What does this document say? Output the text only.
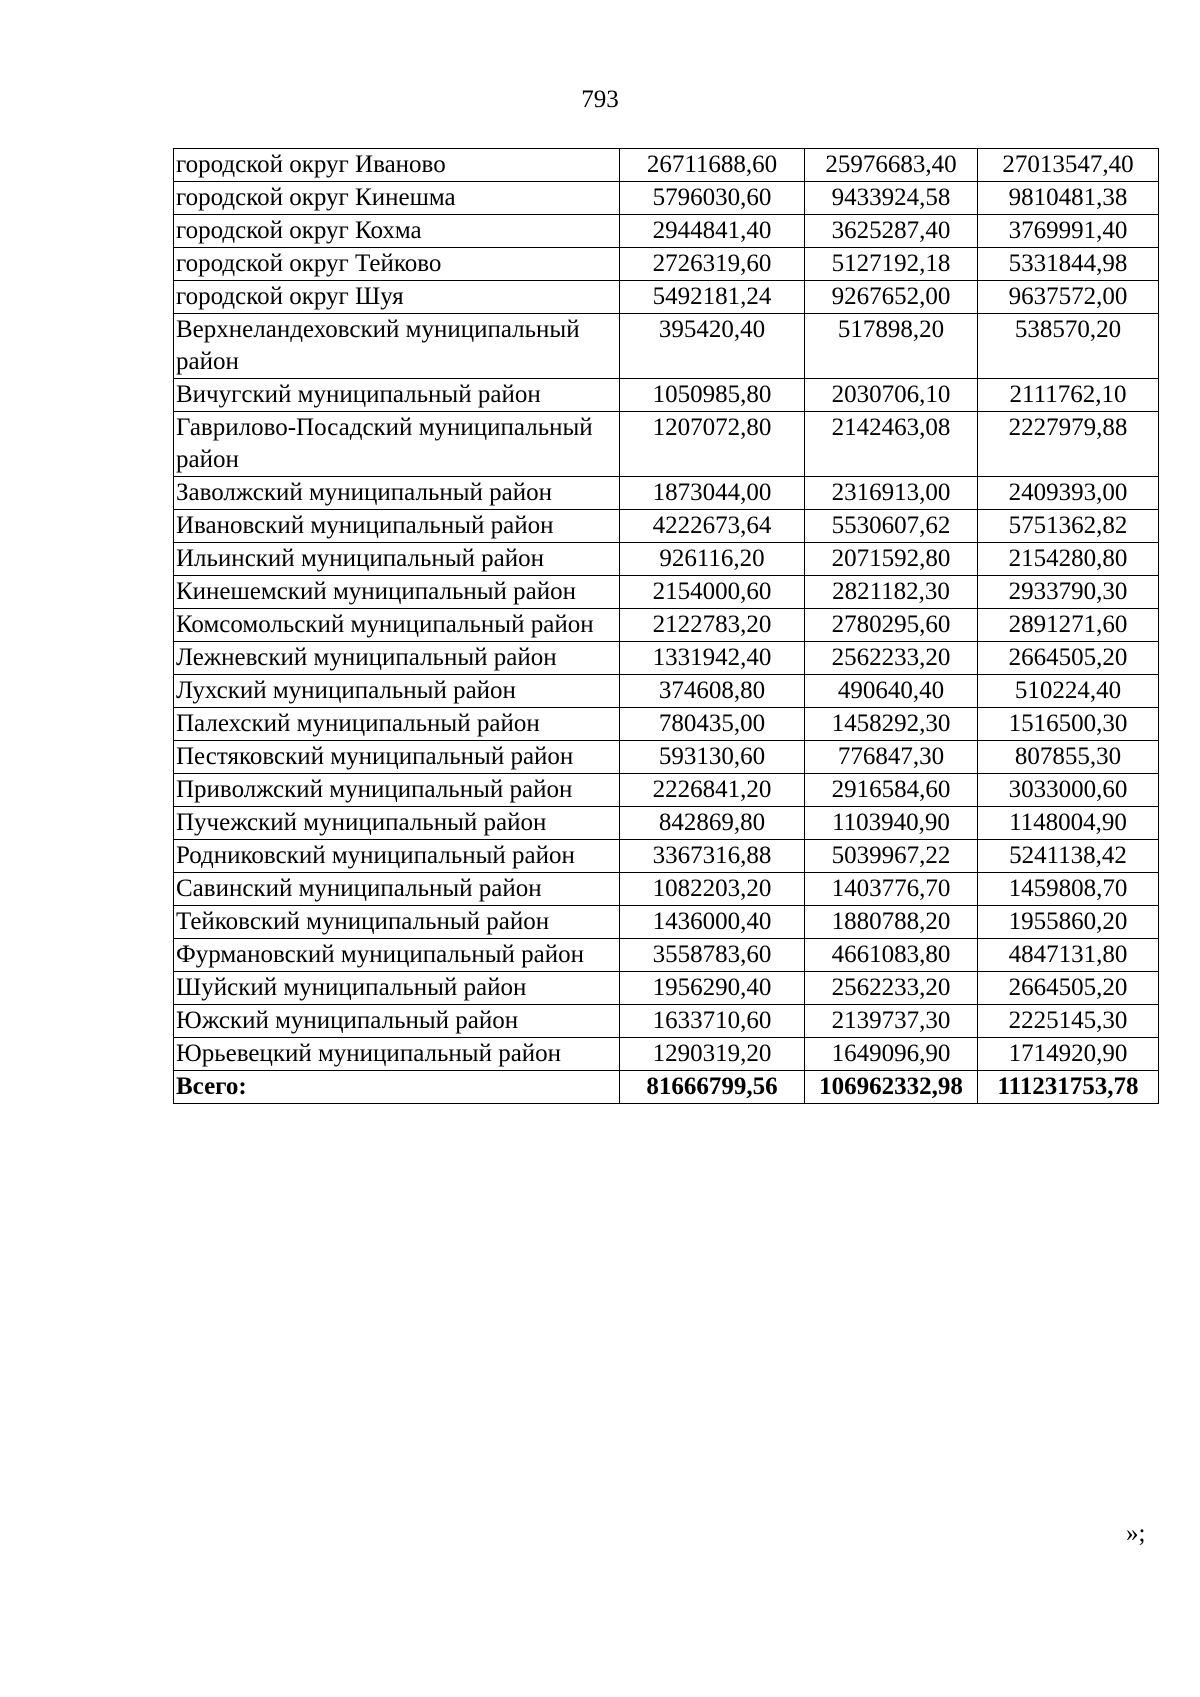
793
городской округ Иваново	26711688,60	25976683,40	27013547,40
городской округ Кинешма	5796030,60	9433924,58	9810481,38
городской округ Кохма	2944841,40	3625287,40	3769991,40
городской округ Тейково	2726319,60	5127192,18	5331844,98
городской округ Шуя	5492181,24	9267652,00	9637572,00
Верхнеландеховский муниципальный район	395420,40	517898,20	538570,20
Вичугский муниципальный район	1050985,80	2030706,10	2111762,10
Гаврилово-Посадский муниципальный район	1207072,80	2142463,08	2227979,88
Заволжский муниципальный район	1873044,00	2316913,00	2409393,00
Ивановский муниципальный район	4222673,64	5530607,62	5751362,82
Ильинский муниципальный район	926116,20	2071592,80	2154280,80
Кинешемский муниципальный район	2154000,60	2821182,30	2933790,30
Комсомольский муниципальный район	2122783,20	2780295,60	2891271,60
Лежневский муниципальный район	1331942,40	2562233,20	2664505,20
Лухский муниципальный район	374608,80	490640,40	510224,40
Палехский муниципальный район	780435,00	1458292,30	1516500,30
Пестяковский муниципальный район	593130,60	776847,30	807855,30
Приволжский муниципальный район	2226841,20	2916584,60	3033000,60
Пучежский муниципальный район	842869,80	1103940,90	1148004,90
Родниковский муниципальный район	3367316,88	5039967,22	5241138,42
Савинский муниципальный район	1082203,20	1403776,70	1459808,70
Тейковский муниципальный район	1436000,40	1880788,20	1955860,20
Фурмановский муниципальный район	3558783,60	4661083,80	4847131,80
Шуйский муниципальный район	1956290,40	2562233,20	2664505,20
Южский муниципальный район	1633710,60	2139737,30	2225145,30
Юрьевецкий муниципальный район	1290319,20	1649096,90	1714920,90
Всего:	81666799,56	106962332,98	111231753,78
»;
